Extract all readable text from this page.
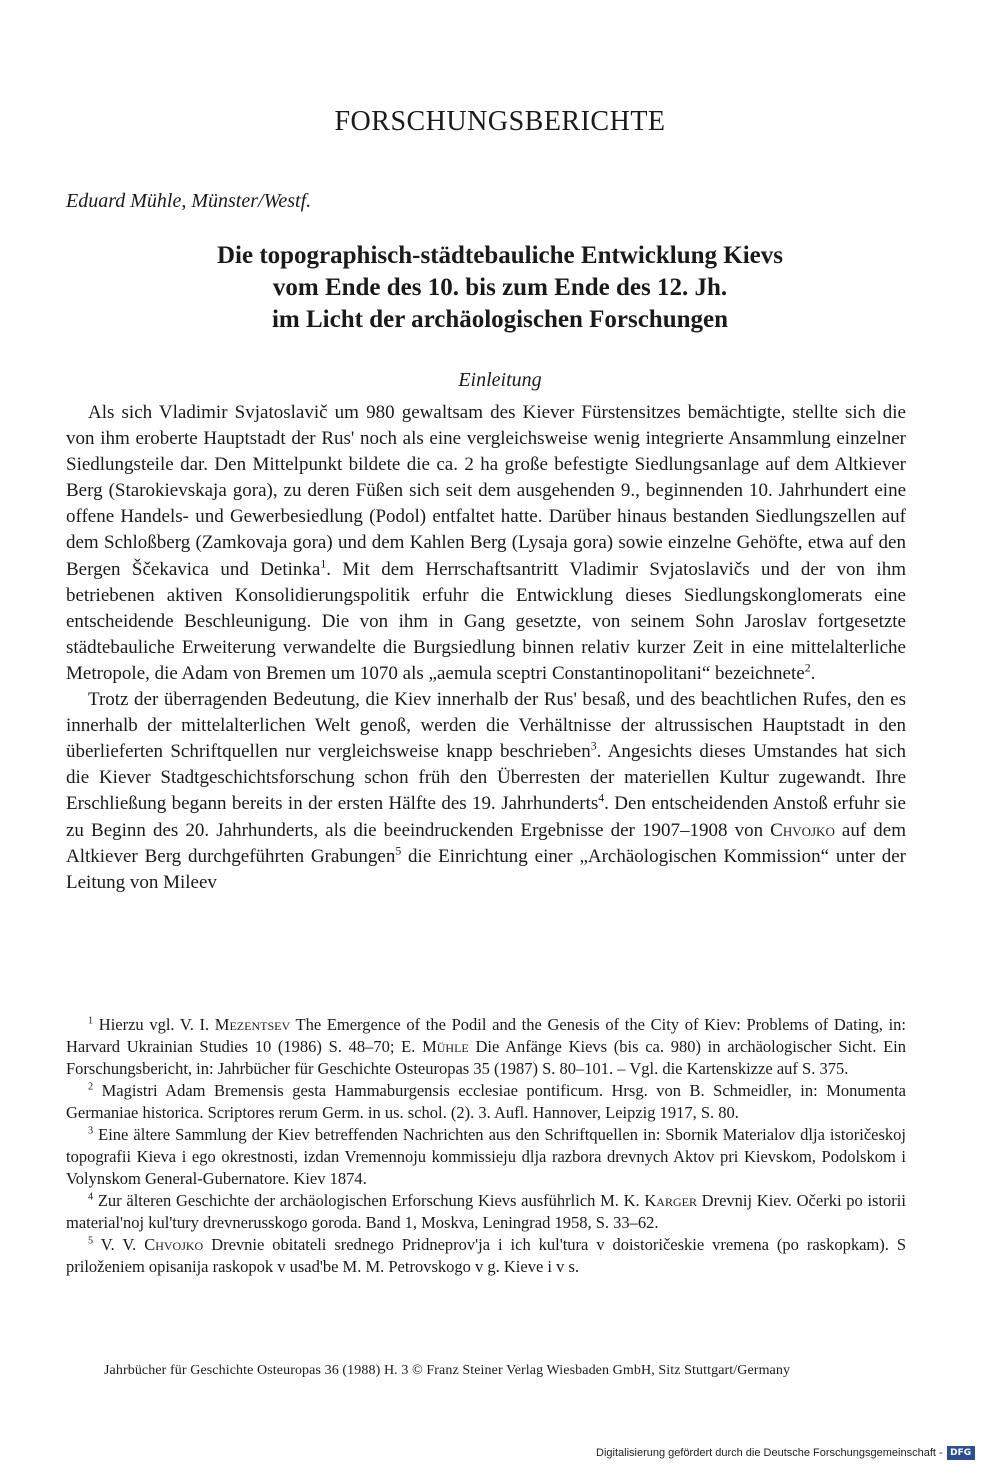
FORSCHUNGSBERICHTE
Eduard Mühle, Münster/Westf.
Die topographisch-städtebauliche Entwicklung Kievs
vom Ende des 10. bis zum Ende des 12. Jh.
im Licht der archäologischen Forschungen
Einleitung

Als sich Vladimir Svjatoslavič um 980 gewaltsam des Kiever Fürstensitzes bemächtigte, stellte sich die von ihm eroberte Hauptstadt der Rus' noch als eine vergleichsweise wenig integrierte Ansammlung einzelner Siedlungsteile dar. Den Mittelpunkt bildete die ca. 2 ha große befestigte Siedlungsanlage auf dem Altkiever Berg (Starokievskaja gora), zu deren Füßen sich seit dem ausgehenden 9., beginnenden 10. Jahrhundert eine offene Handels- und Gewerbesiedlung (Podol) entfaltet hatte. Darüber hinaus bestanden Siedlungszellen auf dem Schloßberg (Zamkovaja gora) und dem Kahlen Berg (Lysaja gora) sowie einzelne Gehöfte, etwa auf den Bergen Ščekavica und Detinka$^1$. Mit dem Herrschaftsantritt Vladimir Svjatoslavičs und der von ihm betriebenen aktiven Konsolidierungspolitik erfuhr die Entwicklung dieses Siedlungskonglomerats eine entscheidende Beschleunigung. Die von ihm in Gang gesetzte, von seinem Sohn Jaroslav fortgesetzte städtebauliche Erweiterung verwandelte die Burgsiedlung binnen relativ kurzer Zeit in eine mittelalterliche Metropole, die Adam von Bremen um 1070 als „aemula sceptri Constantinopolitani“ bezeichnete$^2$.

Trotz der überragenden Bedeutung, die Kiev innerhalb der Rus' besaß, und des beachtlichen Rufes, den es innerhalb der mittelalterlichen Welt genoß, werden die Verhältnisse der altrussischen Hauptstadt in den überlieferten Schriftquellen nur vergleichsweise knapp beschrieben$^3$. Angesichts dieses Umstandes hat sich die Kiever Stadtgeschichtsforschung schon früh den Überresten der materiellen Kultur zugewandt. Ihre Erschließung begann bereits in der ersten Hälfte des 19. Jahrhunderts$^4$. Den entscheidenden Anstoß erfuhr sie zu Beginn des 20. Jahrhunderts, als die beeindruckenden Ergebnisse der 1907–1908 von Chvojko auf dem Altkiever Berg durchgeführten Grabungen$^5$ die Einrichtung einer „Archäologischen Kommission“ unter der Leitung von Mileev

$^1$ Hierzu vgl. V. I. Mezentsev The Emergence of the Podil and the Genesis of the City of Kiev: Problems of Dating, in: Harvard Ukrainian Studies 10 (1986) S. 48–70; E. Mühle Die Anfänge Kievs (bis ca. 980) in archäologischer Sicht. Ein Forschungsbericht, in: Jahrbücher für Geschichte Osteuropas 35 (1987) S. 80–101. – Vgl. die Kartenskizze auf S. 375.

$^2$ Magistri Adam Bremensis gesta Hammaburgensis ecclesiae pontificum. Hrsg. von B. Schmeidler, in: Monumenta Germaniae historica. Scriptores rerum Germ. in us. schol. (2). 3. Aufl. Hannover, Leipzig 1917, S. 80.

$^3$ Eine ältere Sammlung der Kiev betreffenden Nachrichten aus den Schriftquellen in: Sbornik Materialov dlja istoričeskoj topografii Kieva i ego okrestnosti, izdan Vremennoju kommissieju dlja razbora drevnych Aktov pri Kievskom, Podolskom i Volynskom General-Gubernatore. Kiev 1874.

$^4$ Zur älteren Geschichte der archäologischen Erforschung Kievs ausführlich M. K. Karger Drevnij Kiev. Očerki po istorii material'noj kul'tury drevnerusskogo goroda. Band 1, Moskva, Leningrad 1958, S. 33–62.

$^5$ V. V. Chvojko Drevnie obitateli srednego Pridneprov'ja i ich kul'tura v doistoričeskie vremena (po raskopkam). S priloženiem opisanija raskopok v usad'be M. M. Petrovskogo v g. Kieve i v s.

Jahrbücher für Geschichte Osteuropas 36 (1988) H. 3 © Franz Steiner Verlag Wiesbaden GmbH, Sitz Stuttgart/Germany
Digitalisierung gefördert durch die Deutsche Forschungsgemeinschaft - DFG
